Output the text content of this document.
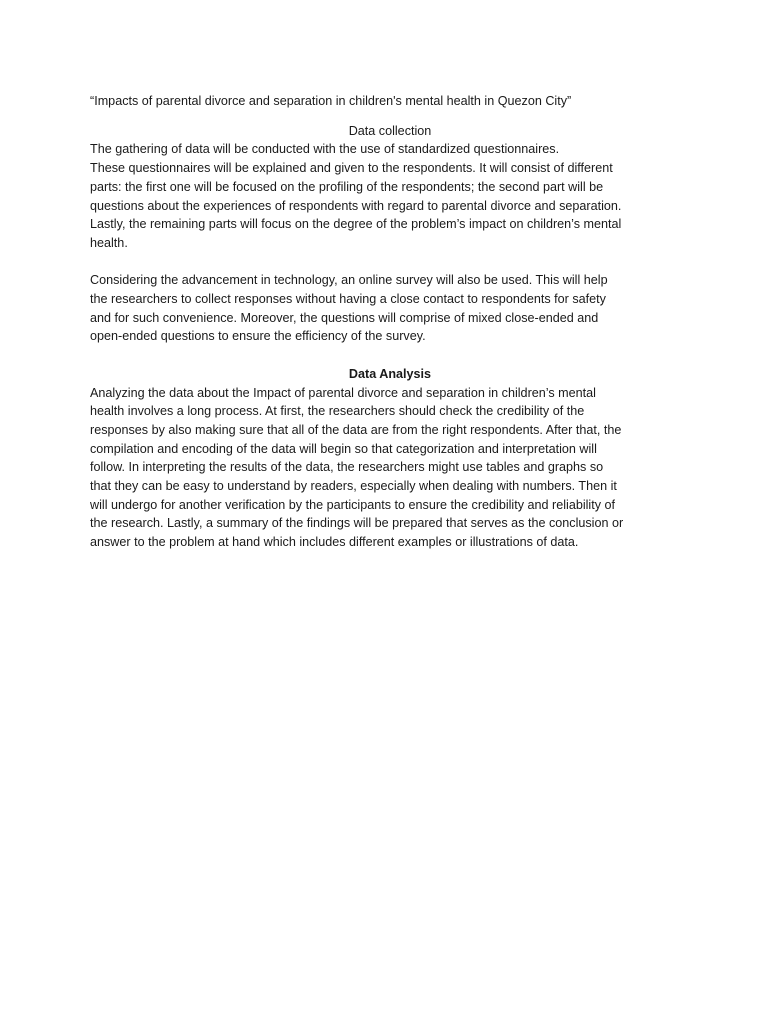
“Impacts of parental divorce and separation in children's mental health in Quezon City”
Data collection
The gathering of data will be conducted with the use of standardized questionnaires.
These questionnaires will be explained and given to the respondents. It will consist of different
parts: the first one will be focused on the profiling of the respondents; the second part will be
questions about the experiences of respondents with regard to parental divorce and separation.
Lastly, the remaining parts will focus on the degree of the problem’s impact on children’s mental
health.
Considering the advancement in technology, an online survey will also be used. This will help
the researchers to collect responses without having a close contact to respondents for safety
and for such convenience. Moreover, the questions will comprise of mixed close-ended and
open-ended questions to ensure the efficiency of the survey.
Data Analysis
Analyzing the data about the Impact of parental divorce and separation in children’s mental
health involves a long process. At first, the researchers should check the credibility of the
responses by also making sure that all of the data are from the right respondents. After that, the
compilation and encoding of the data will begin so that categorization and interpretation will
follow. In interpreting the results of the data, the researchers might use tables and graphs so
that they can be easy to understand by readers, especially when dealing with numbers. Then it
will undergo for another verification by the participants to ensure the credibility and reliability of
the research. Lastly, a summary of the findings will be prepared that serves as the conclusion or
answer to the problem at hand which includes different examples or illustrations of data.
